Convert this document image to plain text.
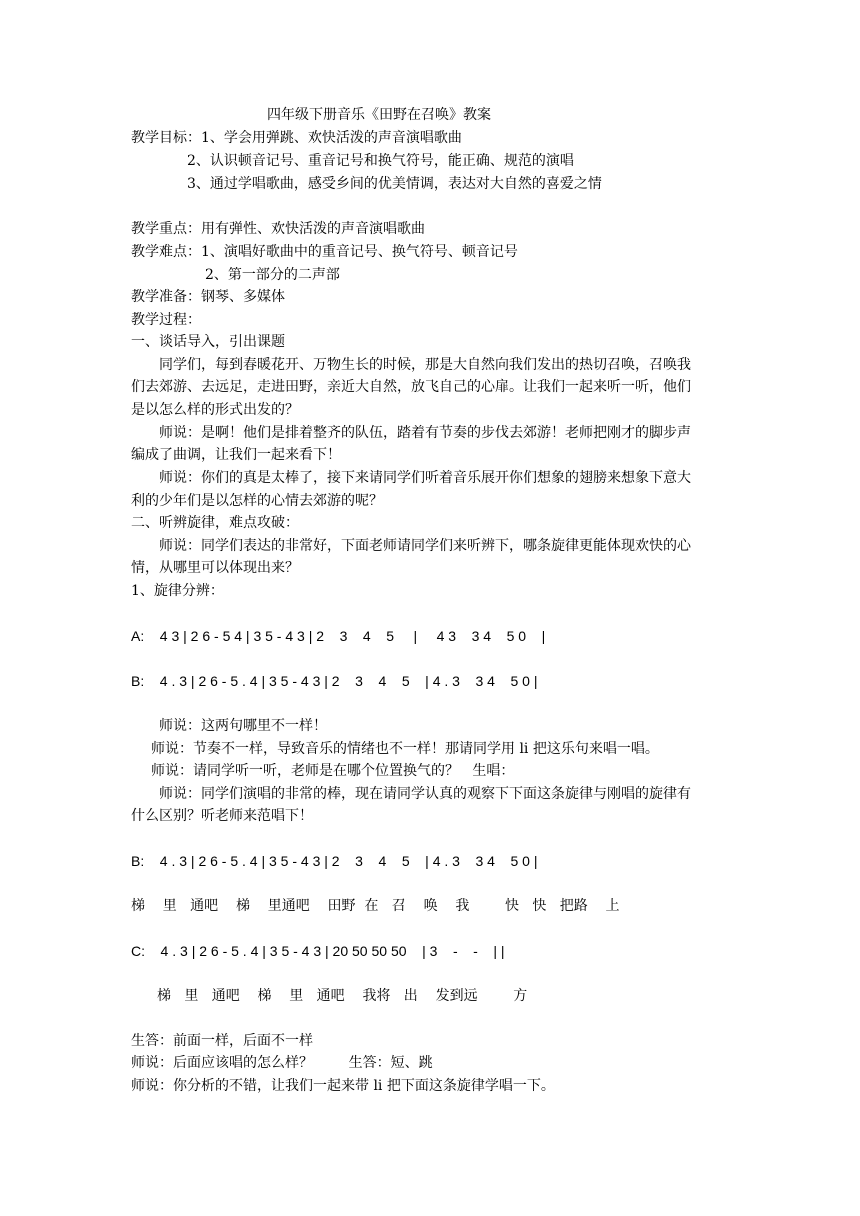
四年级下册音乐《田野在召唤》教案
教学目标：1、学会用弹跳、欢快活泼的声音演唱歌曲
2、认识顿音记号、重音记号和换气符号，能正确、规范的演唱
3、通过学唱歌曲，感受乡间的优美情调，表达对大自然的喜爱之情
教学重点：用有弹性、欢快活泼的声音演唱歌曲
教学难点：1、演唱好歌曲中的重音记号、换气符号、顿音记号
2、第一部分的二声部
教学准备：钢琴、多媒体
教学过程：
一、谈话导入，引出课题
同学们，每到春暖花开、万物生长的时候，那是大自然向我们发出的热切召唤，召唤我
们去郊游、去远足，走进田野，亲近大自然，放飞自己的心扉。让我们一起来听一听，他们
是以怎么样的形式出发的？
师说：是啊！他们是排着整齐的队伍，踏着有节奏的步伐去郊游！老师把刚才的脚步声
编成了曲调，让我们一起来看下！
师说：你们的真是太棒了，接下来请同学们听着音乐展开你们想象的翅膀来想象下意大
利的少年们是以怎样的心情去郊游的呢？
二、听辨旋律，难点攻破：
师说：同学们表达的非常好，下面老师请同学们来听辨下，哪条旋律更能体现欢快的心
情，从哪里可以体现出来？
1、旋律分辨：
A:    4 3 | 2 6 - 5 4 | 3 5 - 4 3 | 2    3    4    5     |     4 3    3 4    5 0    |
B:    4 . 3 | 2 6 - 5 . 4 | 3 5 - 4 3 | 2    3    4    5    | 4 . 3    3 4    5 0 |
师说：这两句哪里不一样！
师说：节奏不一样，导致音乐的情绪也不一样！那请同学用 li 把这乐句来唱一唱。
师说：请同学听一听，老师是在哪个位置换气的？   生唱：
师说：同学们演唱的非常的棒，现在请同学认真的观察下下面这条旋律与刚唱的旋律有
什么区别？听老师来范唱下！
B:    4 . 3 | 2 6 - 5 . 4 | 3 5 - 4 3 | 2    3    4    5    | 4 . 3    3 4    5 0 |
梯    里   通吧    梯    里通吧    田野  在   召    唤    我        快   快   把路    上
C:    4 . 3 | 2 6 - 5 . 4 | 3 5 - 4 3 | 20 50 50 50    | 3    -    -    | |
梯   里   通吧    梯    里   通吧    我将   出    发到远        方
生答：前面一样，后面不一样
师说：后面应该唱的怎么样？        生答：短、跳
师说：你分析的不错，让我们一起来带 li 把下面这条旋律学唱一下。
